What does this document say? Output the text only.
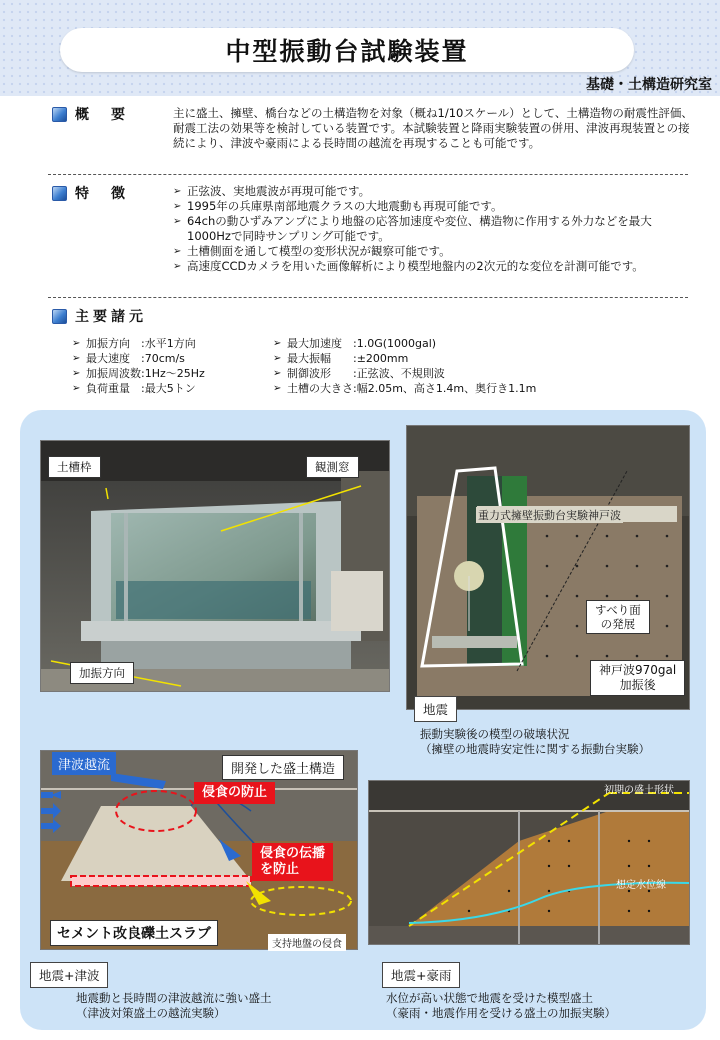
中型振動台試験装置
基礎・土構造研究室
概　要	主に盛土、擁壁、橋台などの土構造物を対象（概ね1/10スケール）として、土構造物の耐震性評価、耐震工法の効果等を検討している装置です。本試験装置と降雨実験装置の併用、津波再現装置との接続により、津波や豪雨による長時間の越流を再現することも可能です。
特　徴
➢	正弦波、実地震波が再現可能です。
➢ 1995年の兵庫県南部地震クラスの大地震動も再現可能です。
➢ 64chの動ひずみアンプにより地盤の応答加速度や変位、構造物に作用する外力などを最大1000Hzで同時サンプリング可能です。
➢ 土槽側面を通して模型の変形状況が観察可能です。
➢ 高速度CCDカメラを用いた画像解析により模型地盤内の2次元的な変位を計測可能です。
主要諸元
➢ 加振方向　:水平1方向
➢ 最大速度　:70cm/s
➢ 加振周波数:1Hz〜25Hz
➢ 負荷重量　:最大5トン
➢ 最大加速度　:1.0G(1000gal)
➢ 最大振幅　　:±200mm
➢ 制御波形　　:正弦波、不規則波
➢ 土槽の大きさ:幅2.05m、高さ1.4m、奥行き1.1m
土槽枠	観測窓
加振方向
重力式擁壁振動台実験神戸波
すべり面
の発展
神戸波970gal
加振後
地震
振動実験後の模型の破壊状況
（擁壁の地震時安定性に関する振動台実験）
津波越流	開発した盛土構造
侵食の防止
侵食の伝播
を防止
セメント改良礫土スラブ
支持地盤の侵食
地震+津波
地震動と長時間の津波越流に強い盛土
（津波対策盛土の越流実験）
初期の盛土形状
想定水位線
地震+豪雨
水位が高い状態で地震を受けた模型盛土
（豪雨・地震作用を受ける盛土の加振実験）
